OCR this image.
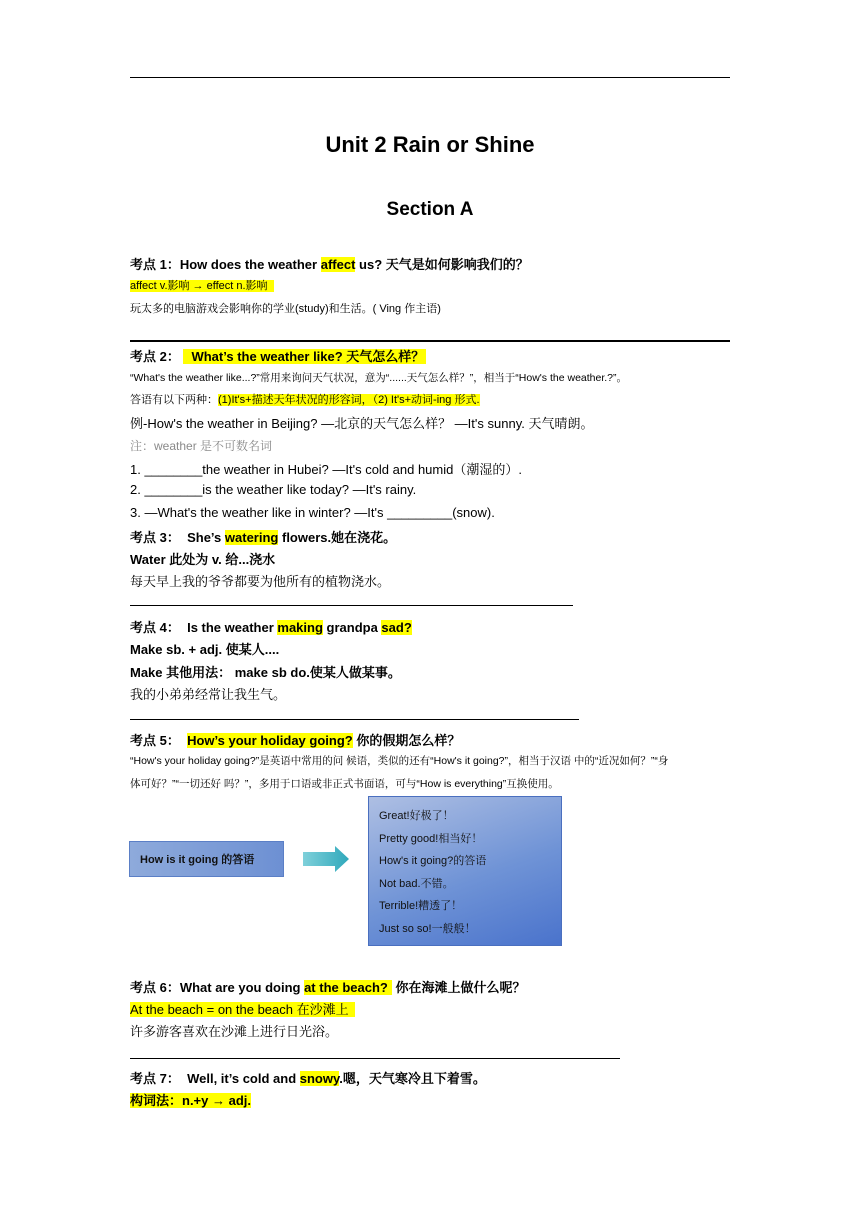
Unit 2 Rain or Shine
Section A
考点 1：How does the weather affect us? 天气是如何影响我们的？
affect v.影响 → effect n.影响
玩太多的电脑游戏会影响你的学业(study)和生活。( Ving 作主语)
考点 2： What’s the weather like? 天气怎么样？
“What's the weather like...?”常用来询问天气状况，意为“......天气怎么样？”，相当于“How's the weather.?”。
答语有以下两种：(1)It's+描述天年状况的形容词，（2) It's+动词-ing 形式.
例-How's the weather in Beijing? —北京的天气怎么样？ —It's sunny. 天气晴朗。
注：weather 是不可数名词
1. ________the weather in Hubei? —It's cold and humid（潮湿的）.
2. ________is the weather like today? —It's rainy.
3. —What's the weather like in winter? —It's _________(snow).
考点 3： She’s watering flowers.她在浇花。
Water 此处为 v. 给...浇水
每天早上我的爷爷都要为他所有的植物浇水。
考点 4： Is the weather making grandpa sad?
Make sb. + adj. 使某人....
Make 其他用法： make sb do.使某人做某事。
我的小弟弟经常让我生气。
考点 5： How’s your holiday going? 你的假期怎么样？
“How's your holiday going?”是英语中常用的问 候语，类似的还有“How's it going?”，相当于汉语 中的“近况如何？”“身
体可好？”“一切还好 吗？”，多用于口语或非正式书面语，可与“How is everything”互换使用。
How is it going 的答语
Great!好极了！
Pretty good!相当好！
How's it going?的答语
Not bad.不错。
Terrible!糟透了！
Just so so!一般般！
考点 6：What are you doing at the beach? 你在海滩上做什么呢？
At the beach = on the beach 在沙滩上
许多游客喜欢在沙滩上进行日光浴。
考点 7： Well, it’s cold and snowy.嗯，天气寒冷且下着雪。
构词法：n.+y → adj.
